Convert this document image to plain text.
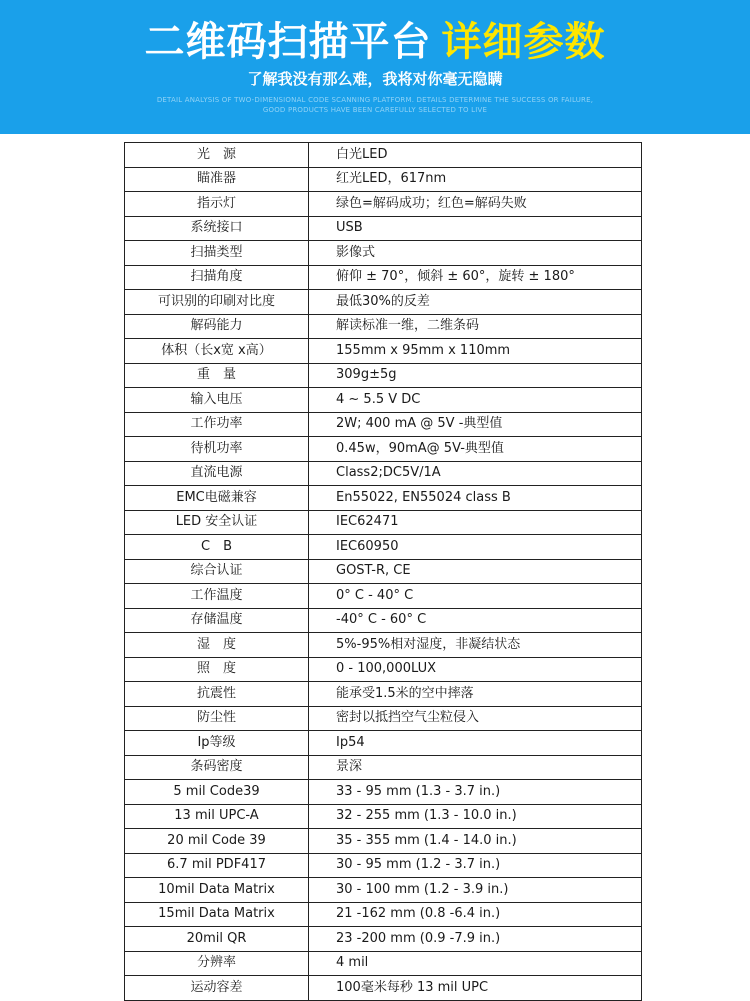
二维码扫描平台 详细参数
了解我没有那么难，我将对你毫无隐瞒
DETAIL ANALYSIS OF TWO-DIMENSIONAL CODE SCANNING PLATFORM. DETAILS DETERMINE THE SUCCESS OR FAILURE,
GOOD PRODUCTS HAVE BEEN CAREFULLY SELECTED TO LIVE
光　源	白光LED
瞄准器	红光LED，617nm
指示灯	绿色=解码成功；红色=解码失败
系统接口	USB
扫描类型	影像式
扫描角度	俯仰 ± 70°，倾斜 ± 60°，旋转 ± 180°
可识别的印刷对比度	最低30%的反差
解码能力	解读标准一维，二维条码
体积（长x宽 x高）	155mm x 95mm x 110mm
重　量	309g±5g
输入电压	4 ~ 5.5 V DC
工作功率	2W; 400 mA @ 5V -典型值
待机功率	0.45w，90mA@ 5V-典型值
直流电源	Class2;DC5V/1A
EMC电磁兼容	En55022, EN55024 class B
LED 安全认证	IEC62471
C　B	IEC60950
综合认证	GOST-R, CE
工作温度	0° C - 40° C
存储温度	-40° C - 60° C
湿　度	5%-95%相对湿度，非凝结状态
照　度	0 - 100,000LUX
抗震性	能承受1.5米的空中摔落
防尘性	密封以抵挡空气尘粒侵入
Ip等级	Ip54
条码密度	景深
5 mil Code39	33 - 95 mm (1.3 - 3.7 in.)
13 mil UPC-A	32 - 255 mm (1.3 - 10.0 in.)
20 mil Code 39	35 - 355 mm (1.4 - 14.0 in.)
6.7 mil PDF417	30 - 95 mm (1.2 - 3.7 in.)
10mil Data Matrix	30 - 100 mm (1.2 - 3.9 in.)
15mil Data Matrix	21 -162 mm (0.8 -6.4 in.)
20mil QR	23 -200 mm (0.9 -7.9 in.)
分辨率	4 mil
运动容差	100毫米每秒 13 mil UPC
